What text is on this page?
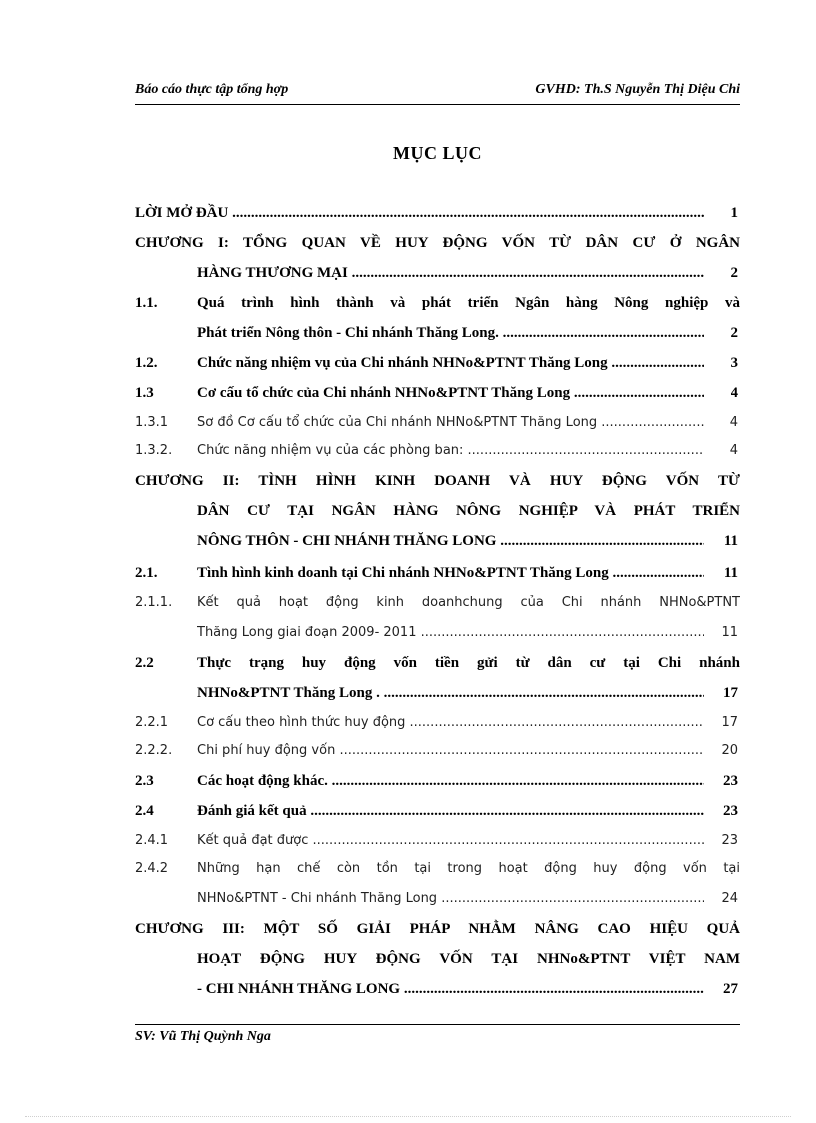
Báo cáo thực tập tổng hợp	GVHD: Th.S Nguyễn Thị Diệu Chi
MỤC LỤC
LỜI MỞ ĐẦU .....	1
CHƯƠNG I: TỔNG QUAN VỀ HUY ĐỘNG VỐN TỪ DÂN CƯ Ở NGÂN
HÀNG THƯƠNG MẠI .....	2
1.1.	Quá trình hình thành và phát triển Ngân hàng Nông nghiệp và
Phát triển Nông thôn - Chi nhánh Thăng Long. .....	2
1.2.	Chức năng nhiệm vụ của Chi nhánh NHNo&PTNT Thăng Long .....	3
1.3	Cơ cấu tổ chức của Chi nhánh NHNo&PTNT Thăng Long .....	4
1.3.1 Sơ đồ Cơ cấu tổ chức của Chi nhánh NHNo&PTNT Thăng Long .....	4
1.3.2. Chức năng nhiệm vụ của các phòng ban: .....	4
CHƯƠNG II: TÌNH HÌNH KINH DOANH VÀ HUY ĐỘNG VỐN TỪ
DÂN CƯ TẠI NGÂN HÀNG NÔNG NGHIỆP VÀ PHÁT TRIỂN
NÔNG THÔN - CHI NHÁNH THĂNG LONG .....	11
2.1.	Tình hình kinh doanh tại Chi nhánh NHNo&PTNT Thăng Long .....	11
2.1.1. Kết quả hoạt động kinh doanhchung của Chi nhánh NHNo&PTNT
Thăng Long giai đoạn 2009- 2011 .....	11
2.2	Thực trạng huy động vốn tiền gửi từ dân cư tại Chi nhánh
NHNo&PTNT Thăng Long . .....	17
2.2.1 Cơ cấu theo hình thức huy động .....	17
2.2.2. Chi phí huy động vốn .....	20
2.3	Các hoạt động khác. .....	23
2.4	Đánh giá kết quả .....	23
2.4.1 Kết quả đạt được .....	23
2.4.2 Những hạn chế còn tồn tại trong hoạt động huy động vốn tại
NHNo&PTNT - Chi nhánh Thăng Long .....	24
CHƯƠNG III: MỘT SỐ GIẢI PHÁP NHẰM NÂNG CAO HIỆU QUẢ
HOẠT ĐỘNG HUY ĐỘNG VỐN TẠI NHNo&PTNT VIỆT NAM
- CHI NHÁNH THĂNG LONG .....	27
SV: Vũ Thị Quỳnh Nga
